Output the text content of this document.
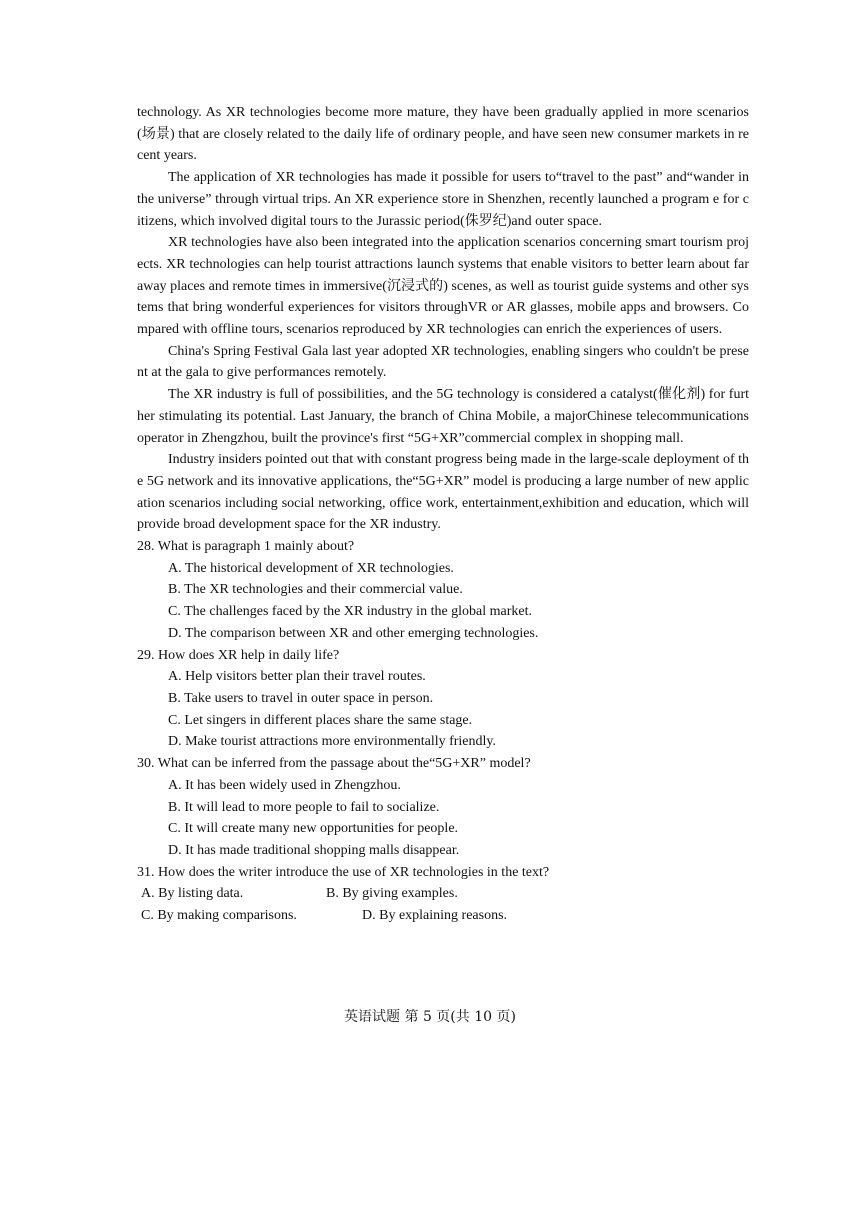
technology. As XR technologies become more mature, they have been gradually applied in more scenarios(场景) that are closely related to the daily life of ordinary people, and have seen new consumer markets in recent years.

The application of XR technologies has made it possible for users to“travel to the past” and“wander in the universe” through virtual trips. An XR experience store in Shenzhen, recently launched a program e for citizens, which involved digital tours to the Jurassic period(侏罗纪)and outer space.

XR technologies have also been integrated into the application scenarios concerning smart tourism projects. XR technologies can help tourist attractions launch systems that enable visitors to better learn about faraway places and remote times in immersive(沉浸式的) scenes, as well as tourist guide systems and other systems that bring wonderful experiences for visitors throughVR or AR glasses, mobile apps and browsers. Compared with offline tours, scenarios reproduced by XR technologies can enrich the experiences of users.

China's Spring Festival Gala last year adopted XR technologies, enabling singers who couldn't be present at the gala to give performances remotely.

The XR industry is full of possibilities, and the 5G technology is considered a catalyst(催化剂) for further stimulating its potential. Last January, the branch of China Mobile, a majorChinese telecommunications operator in Zhengzhou, built the province's first “5G+XR”commercial complex in shopping mall.

Industry insiders pointed out that with constant progress being made in the large-scale deployment of the 5G network and its innovative applications, the“5G+XR” model is producing a large number of new application scenarios including social networking, office work, entertainment,exhibition and education, which will provide broad development space for the XR industry.

28. What is paragraph 1 mainly about?

A. The historical development of XR technologies.

B. The XR technologies and their commercial value.

C. The challenges faced by the XR industry in the global market.

D. The comparison between XR and other emerging technologies.

29. How does XR help in daily life?

A. Help visitors better plan their travel routes.

B. Take users to travel in outer space in person.

C. Let singers in different places share the same stage.

D. Make tourist attractions more environmentally friendly.

30. What can be inferred from the passage about the“5G+XR” model?

A. It has been widely used in Zhengzhou.

B. It will lead to more people to fail to socialize.

C. It will create many new opportunities for people.

D. It has made traditional shopping malls disappear.

31. How does the writer introduce the use of XR technologies in the text?

A. By listing data.	B. By giving examples.
C. By making comparisons.	D. By explaining reasons.
英语试题 第 5 页(共 10 页)
